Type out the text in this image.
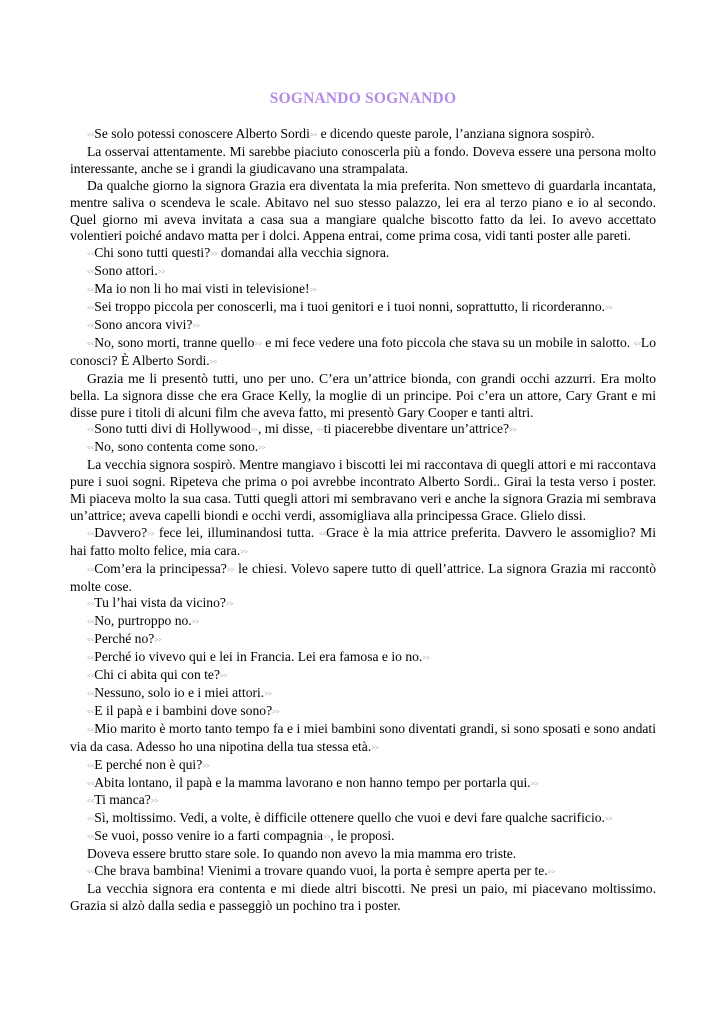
SOGNANDO SOGNANDO

<<Se solo potessi conoscere Alberto Sordi>> e dicendo queste parole, l’anziana signora sospirò.

La osservai attentamente. Mi sarebbe piaciuto conoscerla più a fondo. Doveva essere una persona molto interessante, anche se i grandi la giudicavano una strampalata.

Da qualche giorno la signora Grazia era diventata la mia preferita. Non smettevo di guardarla incantata, mentre saliva o scendeva le scale. Abitavo nel suo stesso palazzo, lei era al terzo piano e io al secondo. Quel giorno mi aveva invitata a casa sua a mangiare qualche biscotto fatto da lei. Io avevo accettato volentieri poiché andavo matta per i dolci. Appena entrai, come prima cosa, vidi tanti poster alle pareti.

<<Chi sono tutti questi?>> domandai alla vecchia signora.

<<Sono attori.>>

<<Ma io non li ho mai visti in televisione!>>

<<Sei troppo piccola per conoscerli, ma i tuoi genitori e i tuoi nonni, soprattutto, li ricorderanno.>>

<<Sono ancora vivi?>>

<<No, sono morti, tranne quello>> e mi fece vedere una foto piccola che stava su un mobile in salotto. <<Lo conosci? È Alberto Sordi.>>

Grazia me li presentò tutti, uno per uno. C’era un’attrice bionda, con grandi occhi azzurri. Era molto bella. La signora disse che era Grace Kelly, la moglie di un principe. Poi c’era un attore, Cary Grant e mi disse pure i titoli di alcuni film che aveva fatto, mi presentò Gary Cooper e tanti altri.

<<Sono tutti divi di Hollywood>>, mi disse, <<ti piacerebbe diventare un’attrice?>>

<<No, sono contenta come sono.>>

La vecchia signora sospirò. Mentre mangiavo i biscotti lei mi raccontava di quegli attori e mi raccontava pure i suoi sogni. Ripeteva che prima o poi avrebbe incontrato Alberto Sordi.. Girai la testa verso i poster. Mi piaceva molto la sua casa. Tutti quegli attori mi sembravano veri e anche la signora Grazia mi sembrava un’attrice; aveva capelli biondi e occhi verdi, assomigliava alla principessa Grace. Glielo dissi.

<<Davvero?>> fece lei, illuminandosi tutta. <<Grace è la mia attrice preferita. Davvero le assomiglio? Mi hai fatto molto felice, mia cara.>>

<<Com’era la principessa?>> le chiesi. Volevo sapere tutto di quell’attrice. La signora Grazia mi raccontò molte cose.

<<Tu l’hai vista da vicino?>>

<<No, purtroppo no.>>

<<Perché no?>>

<<Perché io vivevo qui e lei in Francia. Lei era famosa e io no.>>

<<Chi ci abita qui con te?>>

<<Nessuno, solo io e i miei attori.>>

<<E il papà e i bambini dove sono?>>

<<Mio marito è morto tanto tempo fa e i miei bambini sono diventati grandi, si sono sposati e sono andati via da casa. Adesso ho una nipotina della tua stessa età.>>

<<E perché non è qui?>>

<<Abita lontano, il papà e la mamma lavorano e non hanno tempo per portarla qui.>>

<<Ti manca?>>

<<Sì, moltissimo. Vedi, a volte, è difficile ottenere quello che vuoi e devi fare qualche sacrificio.>>

<<Se vuoi, posso venire io a farti compagnia>>, le proposi.

Doveva essere brutto stare sole. Io quando non avevo la mia mamma ero triste.

<<Che brava bambina! Vienimi a trovare quando vuoi, la porta è sempre aperta per te.>>

La vecchia signora era contenta e mi diede altri biscotti. Ne presi un paio, mi piacevano moltissimo. Grazia si alzò dalla sedia e passeggiò un pochino tra i poster.
